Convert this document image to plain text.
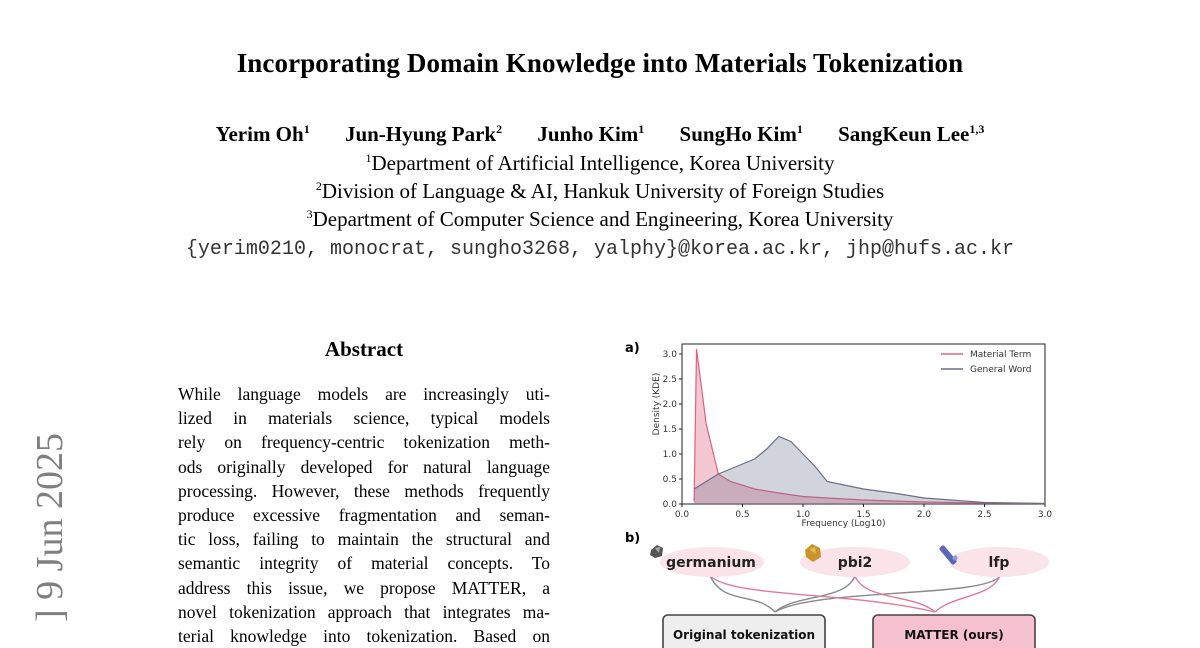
Incorporating Domain Knowledge into Materials Tokenization
Yerim Oh$^1$ Jun-Hyung Park$^2$ Junho Kim$^1$ SungHo Kim$^1$ SangKeun Lee$^{1,3}$
$^1$Department of Artificial Intelligence, Korea University
$^2$Division of Language & AI, Hankuk University of Foreign Studies
$^3$Department of Computer Science and Engineering, Korea University
{yerim0210, monocrat, sungho3268, yalphy}@korea.ac.kr, jhp@hufs.ac.kr
] 9 Jun 2025
Abstract
While language models are increasingly uti-
lized in materials science, typical models
rely on frequency-centric tokenization meth-
ods originally developed for natural language
processing. However, these methods frequently
produce excessive fragmentation and seman-
tic loss, failing to maintain the structural and
semantic integrity of material concepts. To
address this issue, we propose MATTER, a
novel tokenization approach that integrates ma-
terial knowledge into tokenization. Based on
a)
0.0	0.5	1.0	1.5	2.0	2.5	3.0
0.0
0.5
1.0
1.5
2.0
2.5
3.0
Frequency (Log10)
Density (KDE)
Material Term
General Word
b)
germanium	pbi2	lfp
Original tokenization	MATTER (ours)
